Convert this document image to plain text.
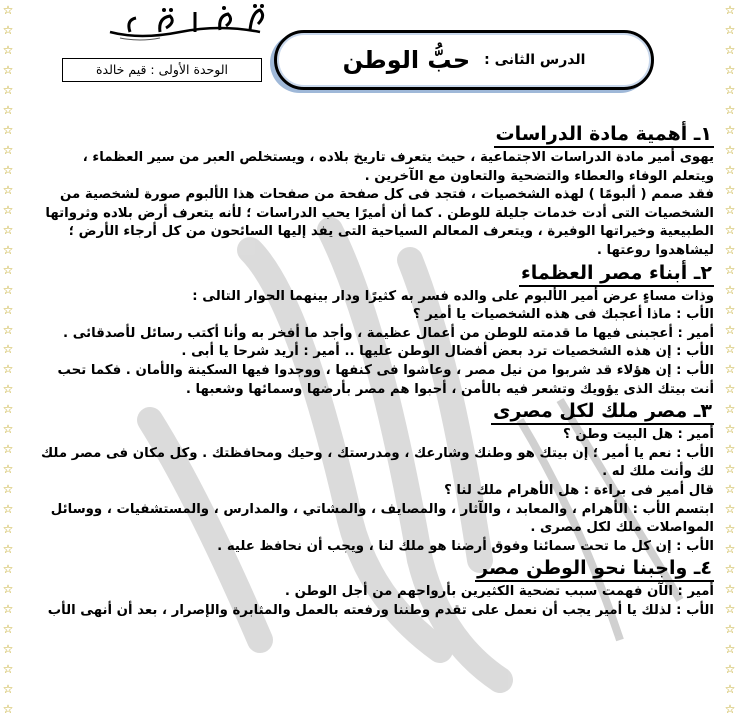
☆
☆
☆
☆
☆
☆
☆
☆
☆
☆
☆
☆
☆
☆
☆
☆
☆
☆
☆
☆
☆
☆
☆
☆
☆
☆
☆
☆
☆
☆
☆
☆
☆
☆
☆
☆
☆
☆
☆
☆
☆
☆
☆
☆
☆
☆
☆
☆
☆
☆
☆
☆
☆
☆
☆
☆
☆
☆
☆
☆
☆
☆
☆
☆
☆
☆
☆
☆
☆
☆
☆
☆
الوحدة الأولى : قيم خالدة
الدرس الثانى :
حبُّ الوطن
١ـ أهمية مادة الدراسات

يهوى أمير مادة الدراسات الاجتماعية ، حيث يتعرف تاريخ بلاده ، ويستخلص العبر من سير العظماء ،

ويتعلم الوفاء والعطاء والتضحية والتعاون مع الآخرين .

فقد صمم ( ألبومًا ) لهذه الشخصيات ، فتجد فى كل صفحة من صفحات هذا الألبوم صورة لشخصية من

الشخصيات التى أدت خدمات جليلة للوطن . كما أن أميرًا يحب الدراسات ؛ لأنه يتعرف أرض بلاده وثرواتها

الطبيعية وخيراتها الوفيرة ، ويتعرف المعالم السياحية التى يفد إليها السائحون من كل أرجاء الأرض ؛

ليشاهدوا روعتها .

٢ـ أبناء مصر العظماء

وذات مساءٍ عرض أمير الألبوم على والده فسر به كثيرًا ودار بينهما الحوار التالى :

الأب : ماذا أعجبك فى هذه الشخصيات يا أمير ؟

أمير : أعجبنى فيها ما قدمته للوطن من أعمال عظيمة ، وأجد ما أفخر به وأنا أكتب رسائل لأصدقائى .

الأب : إن هذه الشخصيات ترد بعض أفضال الوطن عليها .. أمير : أريد شرحا يا أبى .

الأب : إن هؤلاء قد شربوا من نيل مصر ، وعاشوا فى كنفها ، ووجدوا فيها السكينة والأمان . فكما تحب

أنت بيتك الذى يؤويك وتشعر فيه بالأمن ، أحبوا هم مصر بأرضها وسمائها وشعبها .

٣ـ مصر ملك لكل مصرى

أمير : هل البيت وطن ؟

الأب : نعم يا أمير ؛ إن بيتك هو وطنك وشارعك ، ومدرستك ، وحيك ومحافظتك . وكل مكان فى مصر ملك

لك وأنت ملك له .

قال أمير فى براءة : هل الأهرام ملك لنا ؟

ابتسم الأب : الأهرام ، والمعابد ، والآثار ، والمصايف ، والمشاتي ، والمدارس ، والمستشفيات ، ووسائل

المواصلات ملك لكل مصرى .

الأب : إن كل ما تحت سمائنا وفوق أرضنا هو ملك لنا ، ويجب أن نحافظ عليه .

٤ـ واجبنا نحو الوطن مصر

أمير : الآن فهمت سبب تضحية الكثيرين بأرواحهم من أجل الوطن .

الأب : لذلك يا أمير يجب أن نعمل على تقدم وطننا ورفعته بالعمل والمثابرة والإصرار ، بعد أن أنهى الأب
